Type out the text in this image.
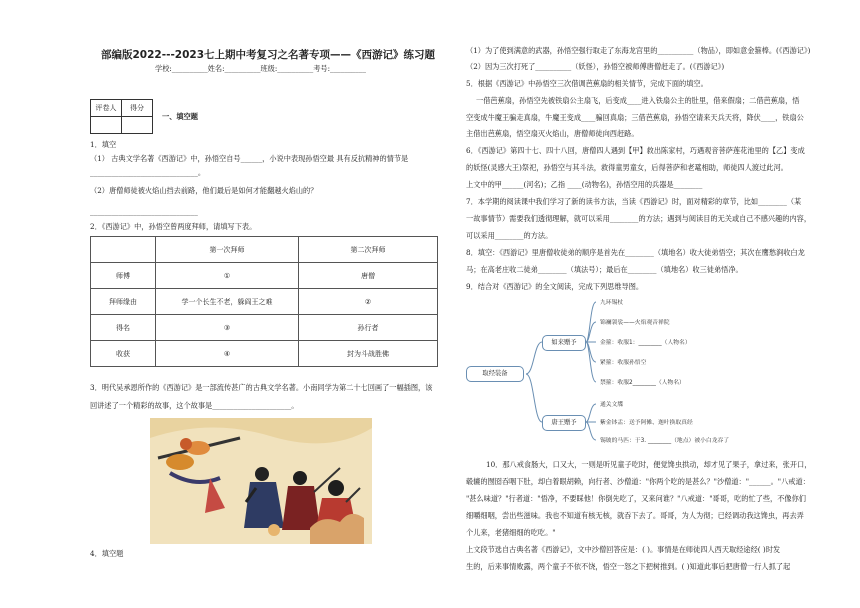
部编版2022---2023七上期中考复习之名著专项——《西游记》练习题
学校:__________姓名:__________班级:__________考号:__________
评卷人	得分

一、填空题
1．填空
（1） 古典文学名著《西游记》中，孙悟空自号______，小说中表现孙悟空最 具有反抗精神的情节是
______________________________。
（2）唐僧师徒被火焰山挡去前路，他们最后是如何才能翻越火焰山的？
______________________________
2．《西游记》中，孙悟空曾两度拜师，请填写下表。
	第一次拜师	第二次拜师
师傅	①	唐僧
拜师缘由	学一个长生不老，躲阎王之难	②
得名	③	孙行者
收获	④	封为斗战胜佛
3．明代吴承恩所作的《西游记》是一部流传甚广的古典文学名著。小南同学为第二十七回画了一幅插图，该
回讲述了一个精彩的故事，这个故事是______________________。
4．填空题
（1）为了使到满意的武器，孙悟空强行取走了东海龙宫里的__________（物品），即如意金箍棒。(《西游记》)
（2）因为三次打死了__________（妖怪），孙悟空被师傅唐僧赶走了。(《西游记》)
5．根据《西游记》中孙悟空三次借调芭蕉扇的相关情节，完成下面的填空。
一借芭蕉扇，孙悟空先被铁扇公主扇飞，后变成____进入铁扇公主的肚里，借来假扇；二借芭蕉扇，悟
空变成牛魔王骗走真扇，牛魔王变成____骗回真扇；三借芭蕉扇，孙悟空请来天兵天将，降伏____，铁扇公
主借出芭蕉扇，悟空扇灭火焰山，唐僧师徒向西赶路。
6．《西游记》第四十七、四十八回，唐僧四人遇到【甲】救出陈家村，巧遇观音菩萨莲花池里的【乙】变成
的妖怪(灵感大王)祭祀，孙悟空与其斗法，救得童男童女，后得菩萨和老鼋相助，师徒四人渡过此河。
上文中的甲______(河名)；乙指 ____(动物名)，孙悟空用的兵器是________
7．本学期的阅读课中我们学习了新的读书方法，当读《西游记》时，面对精彩的章节，比如________（某
一故事情节）需要我们透彻理解，就可以采用________的方法；遇到与阅读目的无关或自己不感兴趣的内容，
可以采用________的方法。
8．填空：《西游记》里唐僧收徒弟的顺序是首先在________（填地名）收大徒弟悟空；其次在鹰愁涧收白龙
马；在高老庄收二徒弟________（填法号）；最后在________（填地名）收三徒弟悟净。
9．结合对《西游记》的全文阅读，完成下列思维导图。
取经装备
如来赠予
唐王赠予
九环锡杖
锦襕袈裟——火焰观音禅院
金箍：收服1：________（人物名）
紧箍：收服孙悟空
禁箍：收服2________（人物名）
通关文牒
紫金钵盂：送予阿傩、迦叶换取真经
锡铍的马匹：于3. ________（地点）被小白龙吞了
10．那八戒食肠大，口又大，一则是听见童子吃时，便觉馋虫拱动，却才见了果子，拿过来，张开口，
毂辘的囫囵吞咽下肚，却白着眼胡赖，向行者、沙僧道："你两个吃的是甚么？"沙僧道："______。"八戒道：
"甚么味道？"行者道："悟净，不要睬他！你倒先吃了，又来问谁？"八戒道："哥哥，吃的忙了些，不像你们
细嚼细咽，尝出些滋味。我也不知道有核无核，就吞下去了。哥哥，为人为彻；已经调动我这馋虫，再去弄
个儿来，老猪细细的吃吃。"
上文段节选自古典名著《西游记》，文中沙僧回答应是：( )。事情是在师徒四人西天取经途经( )时发
生的，后来事情败露，两个童子不依不饶，悟空一怒之下把树推到。( )知道此事后把唐僧一行人抓了起
